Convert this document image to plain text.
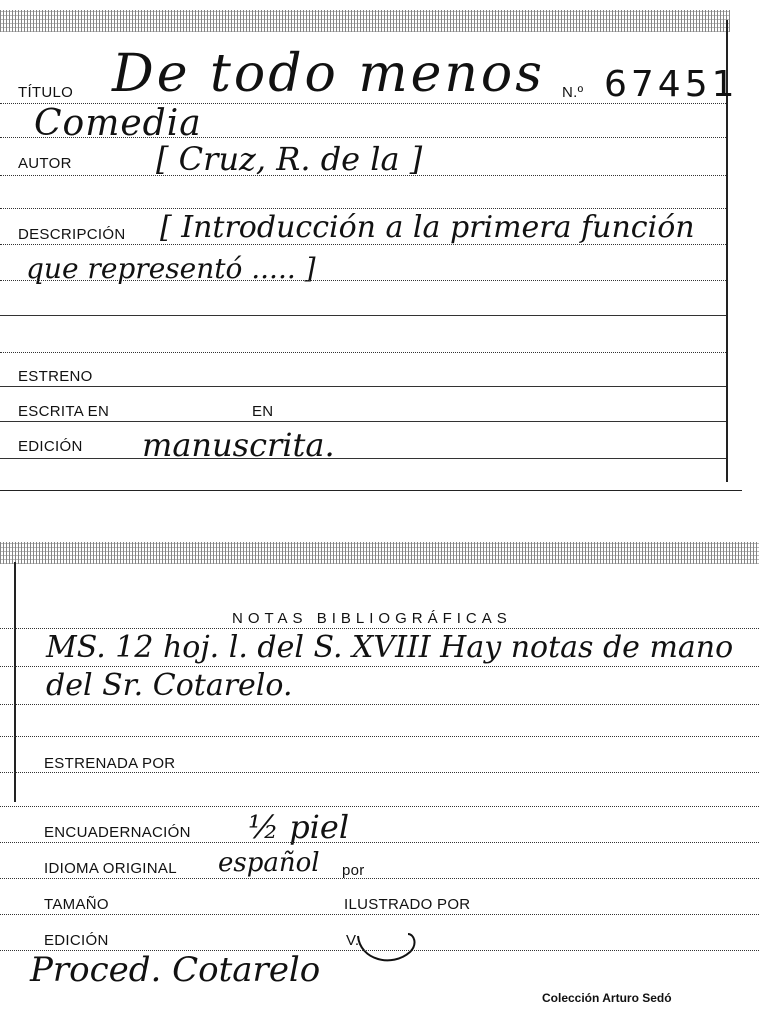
TÍTULO De todo menos N.º 67451
Comedia
AUTOR	[ Cruz, R. de la ]
DESCRIPCIÓN [ Introducción a la primera función
que representó ..... ]
ESTRENO
ESCRITA EN	EN
EDICIÓN manuscrita.
NOTAS BIBLIOGRÁFICAS
MS. 12 hoj. l. del S. XVIII Hay notas de mano
del Sr. Cotarelo.
ESTRENADA POR
ENCUADERNACIÓN ½ piel
IDIOMA ORIGINAL español por
TAMAÑO	ILUSTRADO POR
EDICIÓN	V.
Proced. Cotarelo
Colección Arturo Sedó
